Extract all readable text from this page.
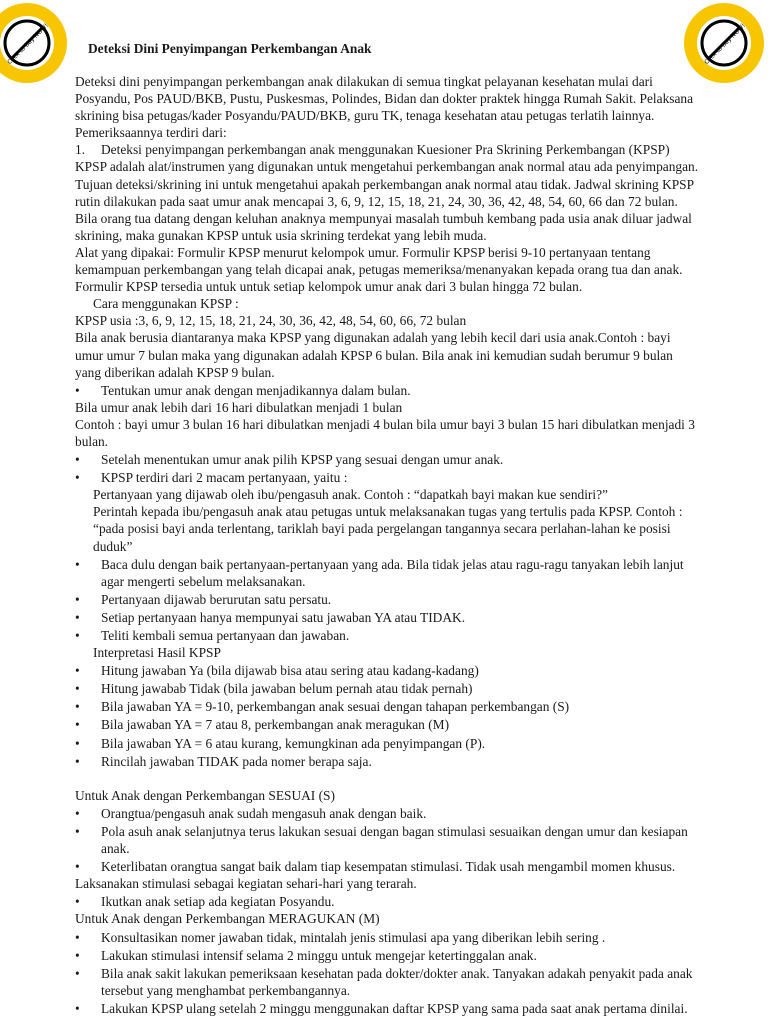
Click to buy NOW!	Click to buy NOW!
Deteksi Dini Penyimpangan Perkembangan Anak
Deteksi dini penyimpangan perkembangan anak dilakukan di semua tingkat pelayanan kesehatan mulai dari Posyandu, Pos PAUD/BKB, Pustu, Puskesmas, Polindes, Bidan dan dokter praktek hingga Rumah Sakit. Pelaksana skrining bisa petugas/kader Posyandu/PAUD/BKB, guru TK, tenaga kesehatan atau petugas terlatih lainnya. Pemeriksaannya terdiri dari:
1.	Deteksi penyimpangan perkembangan anak menggunakan Kuesioner Pra Skrining Perkembangan (KPSP)
KPSP adalah alat/instrumen yang digunakan untuk mengetahui perkembangan anak normal atau ada penyimpangan.
Tujuan deteksi/skrining ini untuk mengetahui apakah perkembangan anak normal atau tidak. Jadwal skrining KPSP rutin dilakukan pada saat umur anak mencapai 3, 6, 9, 12, 15, 18, 21, 24, 30, 36, 42, 48, 54, 60, 66 dan 72 bulan. Bila orang tua datang dengan keluhan anaknya mempunyai masalah tumbuh kembang pada usia anak diluar jadwal skrining, maka gunakan KPSP untuk usia skrining terdekat yang lebih muda.
Alat yang dipakai: Formulir KPSP menurut kelompok umur. Formulir KPSP berisi 9-10 pertanyaan tentang kemampuan perkembangan yang telah dicapai anak, petugas memeriksa/menanyakan kepada orang tua dan anak.
Formulir KPSP tersedia untuk untuk setiap kelompok umur anak dari 3 bulan hingga 72 bulan.
Cara menggunakan KPSP :
KPSP usia :3, 6, 9, 12, 15, 18, 21, 24, 30, 36, 42, 48, 54, 60, 66, 72 bulan
Bila anak berusia diantaranya maka KPSP yang digunakan adalah yang lebih kecil dari usia anak.Contoh : bayi umur umur 7 bulan maka yang digunakan adalah KPSP 6 bulan. Bila anak ini kemudian sudah berumur 9 bulan yang diberikan adalah KPSP 9 bulan.
•	Tentukan umur anak dengan menjadikannya dalam bulan.
Bila umur anak lebih dari 16 hari dibulatkan menjadi 1 bulan
Contoh : bayi umur 3 bulan 16 hari dibulatkan menjadi 4 bulan bila umur bayi 3 bulan 15 hari dibulatkan menjadi 3 bulan.
•	Setelah menentukan umur anak pilih KPSP yang sesuai dengan umur anak.
•	KPSP terdiri dari 2 macam pertanyaan, yaitu :
Pertanyaan yang dijawab oleh ibu/pengasuh anak. Contoh : “dapatkah bayi makan kue sendiri?”
Perintah kepada ibu/pengasuh anak atau petugas untuk melaksanakan tugas yang tertulis pada KPSP. Contoh : “pada posisi bayi anda terlentang, tariklah bayi pada pergelangan tangannya secara perlahan-lahan ke posisi duduk”
•	Baca dulu dengan baik pertanyaan-pertanyaan yang ada. Bila tidak jelas atau ragu-ragu tanyakan lebih lanjut agar mengerti sebelum melaksanakan.
•	Pertanyaan dijawab berurutan satu persatu.
•	Setiap pertanyaan hanya mempunyai satu jawaban YA atau TIDAK.
•	Teliti kembali semua pertanyaan dan jawaban.
Interpretasi Hasil KPSP
•	Hitung jawaban Ya (bila dijawab bisa atau sering atau kadang-kadang)
•	Hitung jawabab Tidak (bila jawaban belum pernah atau tidak pernah)
•	Bila jawaban YA = 9-10, perkembangan anak sesuai dengan tahapan perkembangan (S)
•	Bila jawaban YA = 7 atau 8, perkembangan anak meragukan (M)
•	Bila jawaban YA = 6 atau kurang, kemungkinan ada penyimpangan (P).
•	Rincilah jawaban TIDAK pada nomer berapa saja.
Untuk Anak dengan Perkembangan SESUAI (S)
•	Orangtua/pengasuh anak sudah mengasuh anak dengan baik.
•	Pola asuh anak selanjutnya terus lakukan sesuai dengan bagan stimulasi sesuaikan dengan umur dan kesiapan anak.
•	Keterlibatan orangtua sangat baik dalam tiap kesempatan stimulasi. Tidak usah mengambil momen khusus.
Laksanakan stimulasi sebagai kegiatan sehari-hari yang terarah.
•	Ikutkan anak setiap ada kegiatan Posyandu.
Untuk Anak dengan Perkembangan MERAGUKAN (M)
•	Konsultasikan nomer jawaban tidak, mintalah jenis stimulasi apa yang diberikan lebih sering .
•	Lakukan stimulasi intensif selama 2 minggu untuk mengejar ketertinggalan anak.
•	Bila anak sakit lakukan pemeriksaan kesehatan pada dokter/dokter anak. Tanyakan adakah penyakit pada anak tersebut yang menghambat perkembangannya.
•	Lakukan KPSP ulang setelah 2 minggu menggunakan daftar KPSP yang sama pada saat anak pertama dinilai.
